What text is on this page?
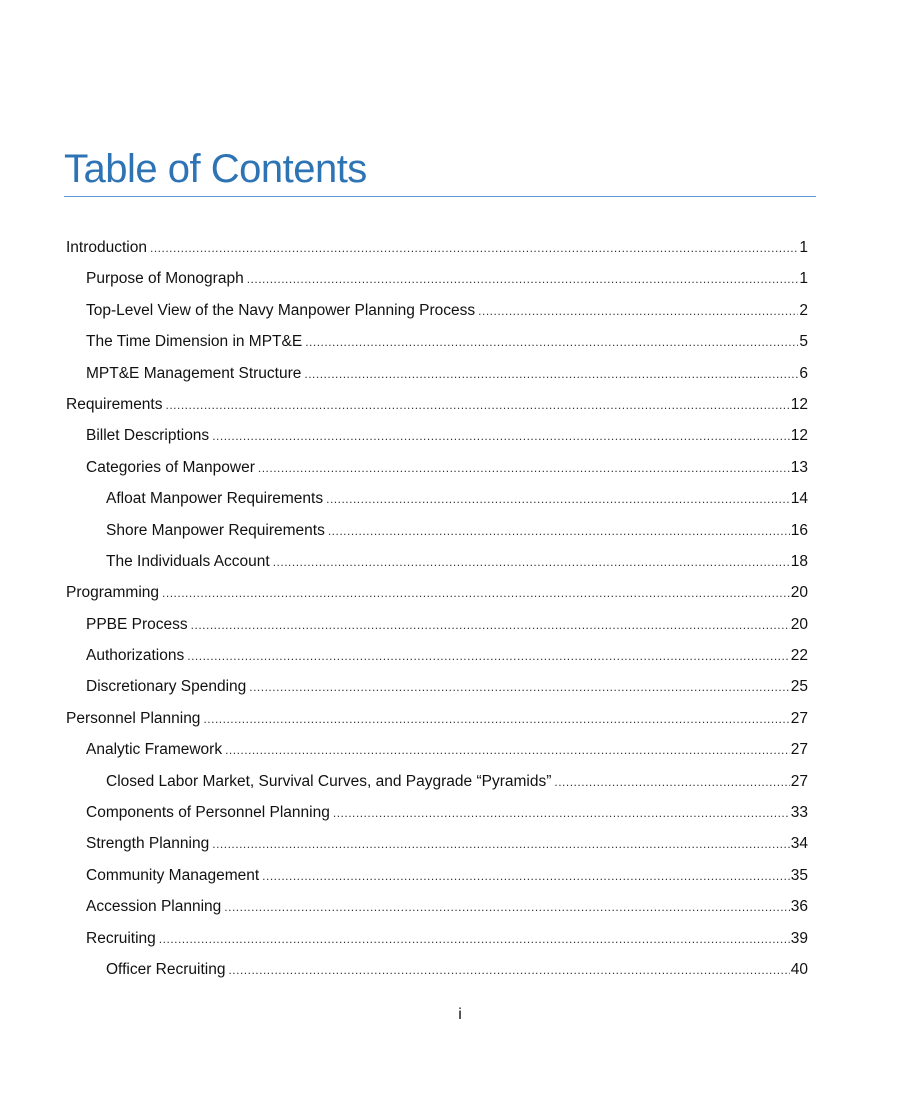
Table of Contents
Introduction .....	1
Purpose of Monograph .....	1
Top-Level View of the Navy Manpower Planning Process .....	2
The Time Dimension in MPT&E .....	5
MPT&E Management Structure .....	6
Requirements .....	12
Billet Descriptions .....	12
Categories of Manpower .....	13
Afloat Manpower Requirements .....	14
Shore Manpower Requirements .....	16
The Individuals Account .....	18
Programming .....	20
PPBE Process .....	20
Authorizations .....	22
Discretionary Spending .....	25
Personnel Planning .....	27
Analytic Framework .....	27
Closed Labor Market, Survival Curves, and Paygrade “Pyramids” .....	27
Components of Personnel Planning .....	33
Strength Planning .....	34
Community Management .....	35
Accession Planning .....	36
Recruiting .....	39
Officer Recruiting .....	40
i
